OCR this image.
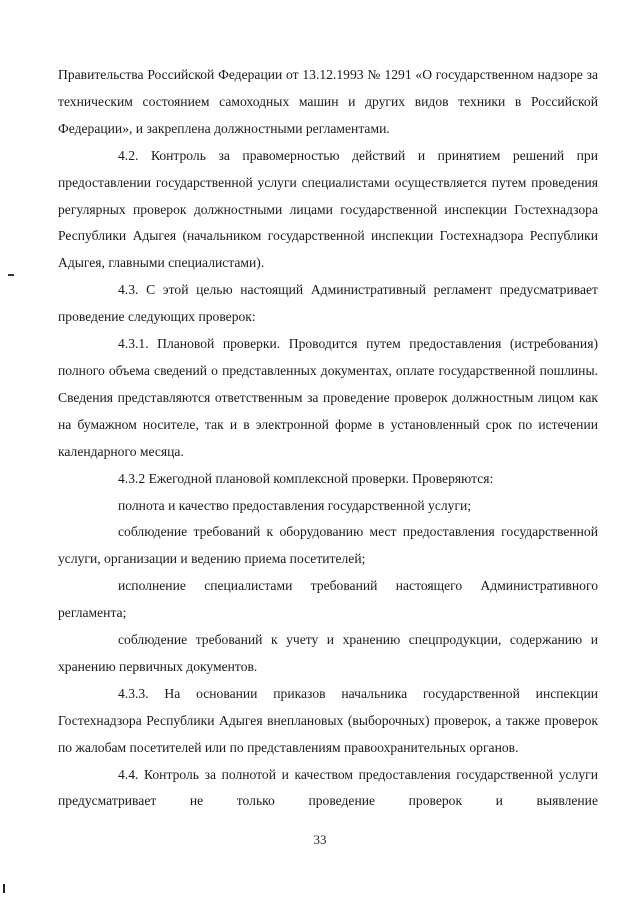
Правительства Российской Федерации от 13.12.1993 № 1291 «О государственном надзоре за техническим состоянием самоходных машин и других видов техники в Российской Федерации», и закреплена должностными регламентами.

4.2. Контроль за правомерностью действий и принятием решений при предоставлении государственной услуги специалистами осуществляется путем проведения регулярных проверок должностными лицами государственной инспекции Гостехнадзора Республики Адыгея (начальником государственной инспекции Гостехнадзора Республики Адыгея, главными специалистами).

4.3. С этой целью настоящий Административный регламент предусматривает проведение следующих проверок:

4.3.1. Плановой проверки. Проводится путем предоставления (истребования) полного объема сведений о представленных документах, оплате государственной пошлины. Сведения представляются ответственным за проведение проверок должностным лицом как на бумажном носителе, так и в электронной форме в установленный срок по истечении календарного месяца.

4.3.2 Ежегодной плановой комплексной проверки. Проверяются:

полнота и качество предоставления государственной услуги;

соблюдение требований к оборудованию мест предоставления государственной услуги, организации и ведению приема посетителей;

исполнение специалистами требований настоящего Административного регламента;

соблюдение требований к учету и хранению спецпродукции, содержанию и хранению первичных документов.

4.3.3. На основании приказов начальника государственной инспекции Гостехнадзора Республики Адыгея внеплановых (выборочных) проверок, а также проверок по жалобам посетителей или по представлениям правоохранительных органов.

4.4. Контроль за полнотой и качеством предоставления государственной услуги предусматривает не только проведение проверок и выявление

33
